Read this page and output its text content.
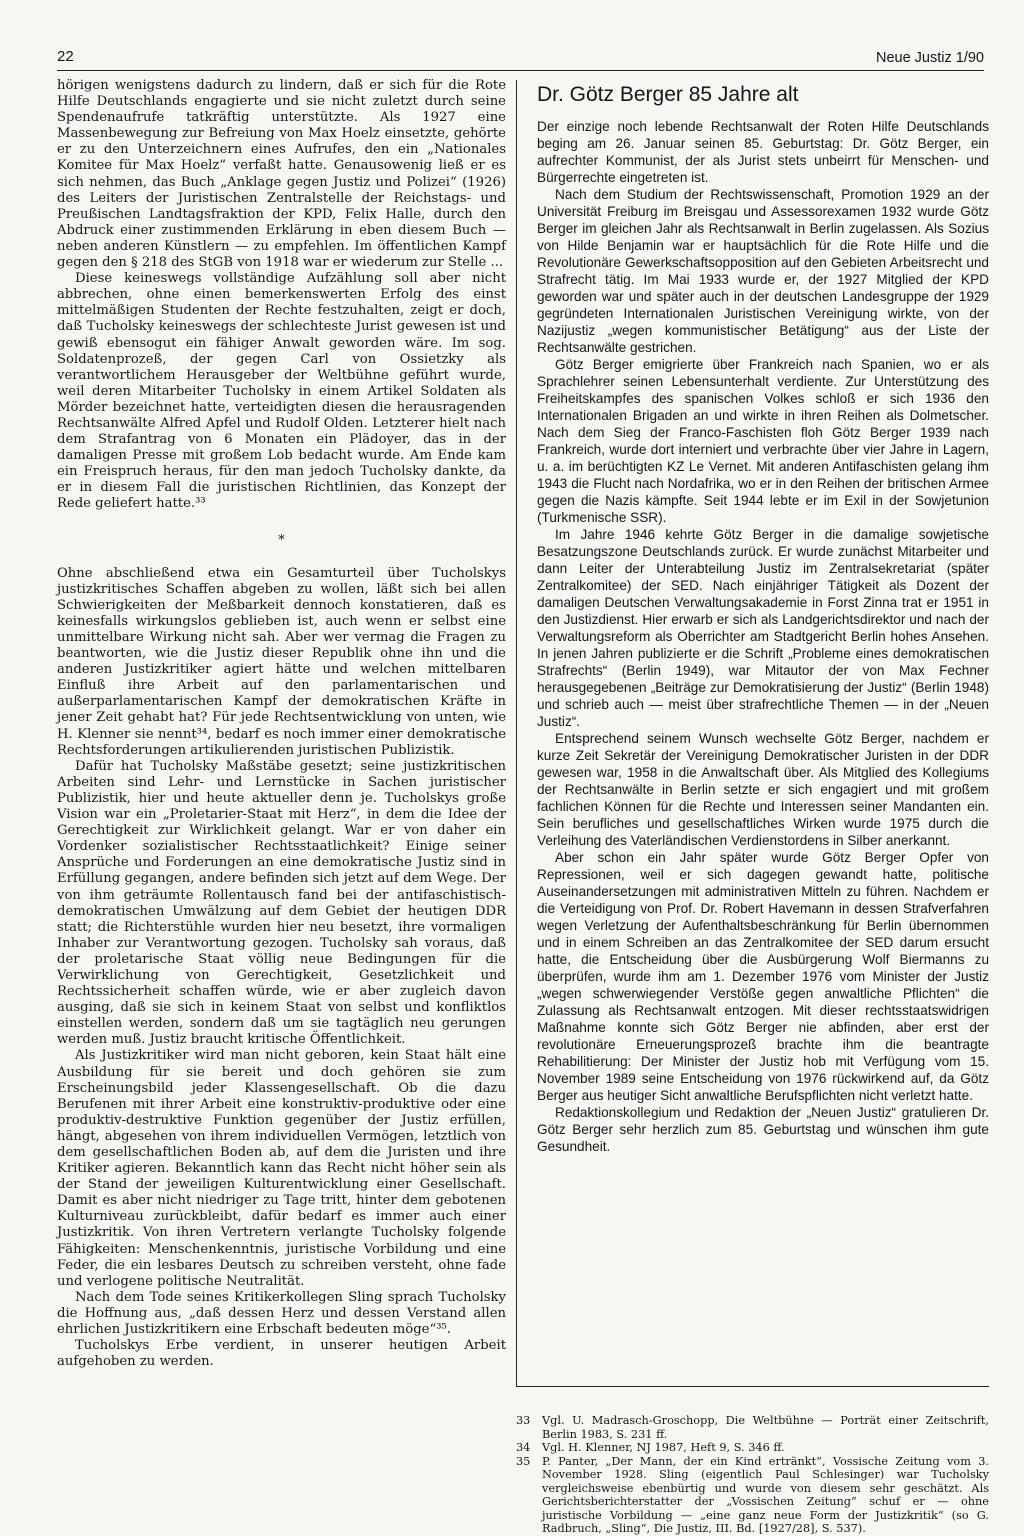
22	Neue Justiz 1/90

hörigen wenigstens dadurch zu lindern, daß er sich für die Rote Hilfe Deutschlands engagierte und sie nicht zuletzt durch seine Spendenaufrufe tatkräftig unterstützte. Als 1927 eine Massenbewegung zur Befreiung von Max Hoelz einsetzte, gehörte er zu den Unterzeichnern eines Aufrufes, den ein „Nationales Komitee für Max Hoelz“ verfaßt hatte. Genausowenig ließ er es sich nehmen, das Buch „Anklage gegen Justiz und Polizei“ (1926) des Leiters der Juristischen Zentralstelle der Reichstags- und Preußischen Landtagsfraktion der KPD, Felix Halle, durch den Abdruck einer zustimmenden Erklärung in eben diesem Buch — neben anderen Künstlern — zu empfehlen. Im öffentlichen Kampf gegen den § 218 des StGB von 1918 war er wiederum zur Stelle ...

Diese keineswegs vollständige Aufzählung soll aber nicht abbrechen, ohne einen bemerkenswerten Erfolg des einst mittelmäßigen Studenten der Rechte festzuhalten, zeigt er doch, daß Tucholsky keineswegs der schlechteste Jurist gewesen ist und gewiß ebensogut ein fähiger Anwalt geworden wäre. Im sog. Soldatenprozeß, der gegen Carl von Ossietzky als verantwortlichem Herausgeber der Weltbühne geführt wurde, weil deren Mitarbeiter Tucholsky in einem Artikel Soldaten als Mörder bezeichnet hatte, verteidigten diesen die herausragenden Rechtsanwälte Alfred Apfel und Rudolf Olden. Letzterer hielt nach dem Strafantrag von 6 Monaten ein Plädoyer, das in der damaligen Presse mit großem Lob bedacht wurde. Am Ende kam ein Freispruch heraus, für den man jedoch Tucholsky dankte, da er in diesem Fall die juristischen Richtlinien, das Konzept der Rede geliefert hatte.³³

*

Ohne abschließend etwa ein Gesamturteil über Tucholskys justizkritisches Schaffen abgeben zu wollen, läßt sich bei allen Schwierigkeiten der Meßbarkeit dennoch konstatieren, daß es keinesfalls wirkungslos geblieben ist, auch wenn er selbst eine unmittelbare Wirkung nicht sah. Aber wer vermag die Fragen zu beantworten, wie die Justiz dieser Republik ohne ihn und die anderen Justizkritiker agiert hätte und welchen mittelbaren Einfluß ihre Arbeit auf den parlamentarischen und außerparlamentarischen Kampf der demokratischen Kräfte in jener Zeit gehabt hat? Für jede Rechtsentwicklung von unten, wie H. Klenner sie nennt³⁴, bedarf es noch immer einer demokratische Rechtsforderungen artikulierenden juristischen Publizistik.

Dafür hat Tucholsky Maßstäbe gesetzt; seine justizkritischen Arbeiten sind Lehr- und Lernstücke in Sachen juristischer Publizistik, hier und heute aktueller denn je. Tucholskys große Vision war ein „Proletarier-Staat mit Herz“, in dem die Idee der Gerechtigkeit zur Wirklichkeit gelangt. War er von daher ein Vordenker sozialistischer Rechtsstaatlichkeit? Einige seiner Ansprüche und Forderungen an eine demokratische Justiz sind in Erfüllung gegangen, andere befinden sich jetzt auf dem Wege. Der von ihm geträumte Rollentausch fand bei der antifaschistisch-demokratischen Umwälzung auf dem Gebiet der heutigen DDR statt; die Richterstühle wurden hier neu besetzt, ihre vormaligen Inhaber zur Verantwortung gezogen. Tucholsky sah voraus, daß der proletarische Staat völlig neue Bedingungen für die Verwirklichung von Gerechtigkeit, Gesetzlichkeit und Rechtssicherheit schaffen würde, wie er aber zugleich davon ausging, daß sie sich in keinem Staat von selbst und konfliktlos einstellen werden, sondern daß um sie tagtäglich neu gerungen werden muß. Justiz braucht kritische Öffentlichkeit.

Als Justizkritiker wird man nicht geboren, kein Staat hält eine Ausbildung für sie bereit und doch gehören sie zum Erscheinungsbild jeder Klassengesellschaft. Ob die dazu Berufenen mit ihrer Arbeit eine konstruktiv-produktive oder eine produktiv-destruktive Funktion gegenüber der Justiz erfüllen, hängt, abgesehen von ihrem individuellen Vermögen, letztlich von dem gesellschaftlichen Boden ab, auf dem die Juristen und ihre Kritiker agieren. Bekanntlich kann das Recht nicht höher sein als der Stand der jeweiligen Kulturentwicklung einer Gesellschaft. Damit es aber nicht niedriger zu Tage tritt, hinter dem gebotenen Kulturniveau zurückbleibt, dafür bedarf es immer auch einer Justizkritik. Von ihren Vertretern verlangte Tucholsky folgende Fähigkeiten: Menschenkenntnis, juristische Vorbildung und eine Feder, die ein lesbares Deutsch zu schreiben versteht, ohne fade und verlogene politische Neutralität.

Nach dem Tode seines Kritikerkollegen Sling sprach Tucholsky die Hoffnung aus, „daß dessen Herz und dessen Verstand allen ehrlichen Justizkritikern eine Erbschaft bedeuten möge“³⁵.

Tucholskys Erbe verdient, in unserer heutigen Arbeit aufgehoben zu werden.

Dr. Götz Berger 85 Jahre alt

Der einzige noch lebende Rechtsanwalt der Roten Hilfe Deutschlands beging am 26. Januar seinen 85. Geburtstag: Dr. Götz Berger, ein aufrechter Kommunist, der als Jurist stets unbeirrt für Menschen- und Bürgerrechte eingetreten ist.

Nach dem Studium der Rechtswissenschaft, Promotion 1929 an der Universität Freiburg im Breisgau und Assessorexamen 1932 wurde Götz Berger im gleichen Jahr als Rechtsanwalt in Berlin zugelassen. Als Sozius von Hilde Benjamin war er hauptsächlich für die Rote Hilfe und die Revolutionäre Gewerkschaftsopposition auf den Gebieten Arbeitsrecht und Strafrecht tätig. Im Mai 1933 wurde er, der 1927 Mitglied der KPD geworden war und später auch in der deutschen Landesgruppe der 1929 gegründeten Internationalen Juristischen Vereinigung wirkte, von der Nazijustiz „wegen kommunistischer Betätigung“ aus der Liste der Rechtsanwälte gestrichen.

Götz Berger emigrierte über Frankreich nach Spanien, wo er als Sprachlehrer seinen Lebensunterhalt verdiente. Zur Unterstützung des Freiheitskampfes des spanischen Volkes schloß er sich 1936 den Internationalen Brigaden an und wirkte in ihren Reihen als Dolmetscher. Nach dem Sieg der Franco-Faschisten floh Götz Berger 1939 nach Frankreich, wurde dort interniert und verbrachte über vier Jahre in Lagern, u. a. im berüchtigten KZ Le Vernet. Mit anderen Antifaschisten gelang ihm 1943 die Flucht nach Nordafrika, wo er in den Reihen der britischen Armee gegen die Nazis kämpfte. Seit 1944 lebte er im Exil in der Sowjetunion (Turkmenische SSR).

Im Jahre 1946 kehrte Götz Berger in die damalige sowjetische Besatzungszone Deutschlands zurück. Er wurde zunächst Mitarbeiter und dann Leiter der Unterabteilung Justiz im Zentralsekretariat (später Zentralkomitee) der SED. Nach einjähriger Tätigkeit als Dozent der damaligen Deutschen Verwaltungsakademie in Forst Zinna trat er 1951 in den Justizdienst. Hier erwarb er sich als Landgerichtsdirektor und nach der Verwaltungsreform als Oberrichter am Stadtgericht Berlin hohes Ansehen. In jenen Jahren publizierte er die Schrift „Probleme eines demokratischen Strafrechts“ (Berlin 1949), war Mitautor der von Max Fechner herausgegebenen „Beiträge zur Demokratisierung der Justiz“ (Berlin 1948) und schrieb auch — meist über strafrechtliche Themen — in der „Neuen Justiz“.

Entsprechend seinem Wunsch wechselte Götz Berger, nachdem er kurze Zeit Sekretär der Vereinigung Demokratischer Juristen in der DDR gewesen war, 1958 in die Anwaltschaft über. Als Mitglied des Kollegiums der Rechtsanwälte in Berlin setzte er sich engagiert und mit großem fachlichen Können für die Rechte und Interessen seiner Mandanten ein. Sein berufliches und gesellschaftliches Wirken wurde 1975 durch die Verleihung des Vaterländischen Verdienstordens in Silber anerkannt.

Aber schon ein Jahr später wurde Götz Berger Opfer von Repressionen, weil er sich dagegen gewandt hatte, politische Auseinandersetzungen mit administrativen Mitteln zu führen. Nachdem er die Verteidigung von Prof. Dr. Robert Havemann in dessen Strafverfahren wegen Verletzung der Aufenthaltsbeschränkung für Berlin übernommen und in einem Schreiben an das Zentralkomitee der SED darum ersucht hatte, die Entscheidung über die Ausbürgerung Wolf Biermanns zu überprüfen, wurde ihm am 1. Dezember 1976 vom Minister der Justiz „wegen schwerwiegender Verstöße gegen anwaltliche Pflichten“ die Zulassung als Rechtsanwalt entzogen. Mit dieser rechtsstaatswidrigen Maßnahme konnte sich Götz Berger nie abfinden, aber erst der revolutionäre Erneuerungsprozeß brachte ihm die beantragte Rehabilitierung: Der Minister der Justiz hob mit Verfügung vom 15. November 1989 seine Entscheidung von 1976 rückwirkend auf, da Götz Berger aus heutiger Sicht anwaltliche Berufspflichten nicht verletzt hatte.

Redaktionskollegium und Redaktion der „Neuen Justiz“ gratulieren Dr. Götz Berger sehr herzlich zum 85. Geburtstag und wünschen ihm gute Gesundheit.

33	Vgl. U. Madrasch-Groschopp, Die Weltbühne — Porträt einer Zeitschrift, Berlin 1983, S. 231 ff.
34	Vgl. H. Klenner, NJ 1987, Heft 9, S. 346 ff.
35	P. Panter, „Der Mann, der ein Kind ertränkt“, Vossische Zeitung vom 3. November 1928. Sling (eigentlich Paul Schlesinger) war Tucholsky vergleichsweise ebenbürtig und wurde von diesem sehr geschätzt. Als Gerichtsberichterstatter der „Vossischen Zeitung“ schuf er — ohne juristische Vorbildung — „eine ganz neue Form der Justizkritik“ (so G. Radbruch, „Sling“, Die Justiz, III. Bd. [1927/28], S. 537).
